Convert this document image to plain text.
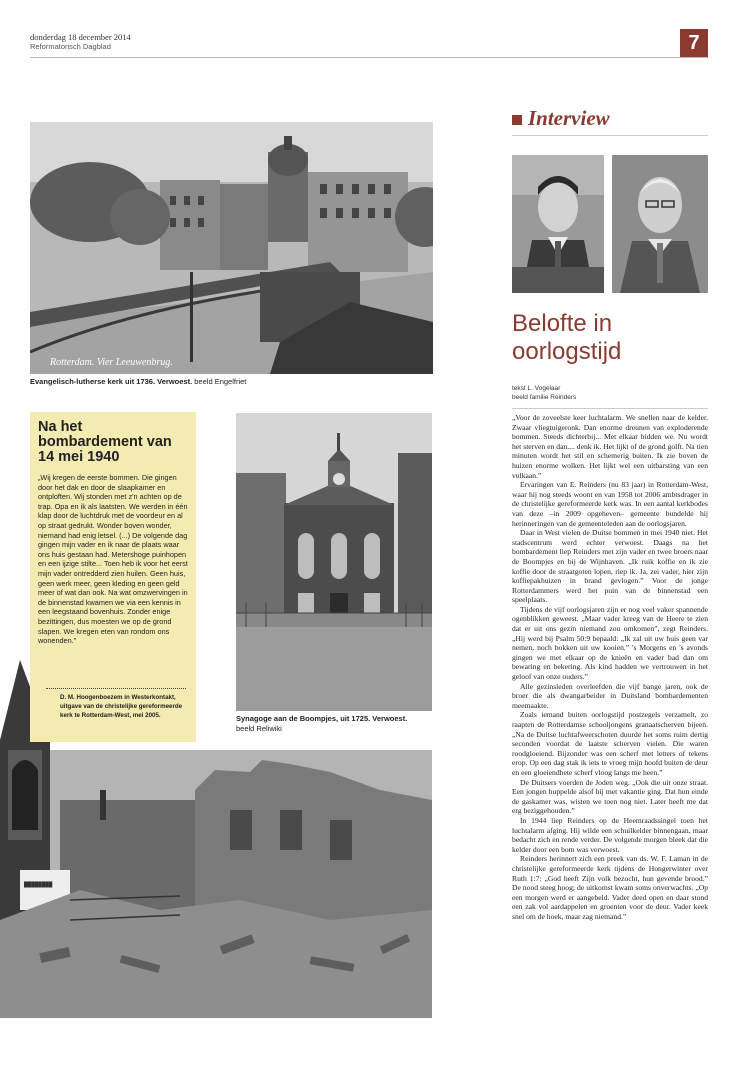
donderdag 18 december 2014
Reformatorisch Dagblad	7
Rotterdam. Vier Leeuwenbrug.
Evangelisch-lutherse kerk uit 1736. Verwoest. beeld Engelfriet
Interview
Belofte in oorlogstijd
tekst L. Vogelaar
beeld familie Reinders

„Voor de zoveelste keer luchtalarm. We snellen naar de kelder. Zwaar vliegtuigeronk. Dan enorme dreunen van exploderende bommen. Steeds dichterbij... Met elkaar bidden we. Nu wordt het sterven en dan.... denk ik. Het lijkt of de grond golft. Na tien minuten wordt het stil en schemerig buiten. Ik zie boven de huizen enorme wolken. Het lijkt wel een uitbarsting van een vulkaan.”

Ervaringen van E. Reinders (nu 83 jaar) in Rotterdam-West, waar hij nog steeds woont en van 1958 tot 2006 ambtsdrager in de christelijke gereformeerde kerk was. In een aantal kerkbodes van deze –in 2009 opgeheven– gemeente bundelde hij herinneringen van de gemeenteleden aan de oorlogsjaren.

Daar in West vielen de Duitse bommen in mei 1940 niet. Het stadscentrum werd echter verwoest. Daags na het bombardement liep Reinders met zijn vader en twee broers naar de Boompjes en bij de Wijnhaven. „Ik ruik koffie en ik zie koffie door de straatgoten lopen, riep ik. Ja, zei vader, hier zijn koffiepakhuizen in brand gevlogen.” Voor de jonge Rotterdammers werd het puin van de binnenstad een speelplaats.

Tijdens de vijf oorlogsjaren zijn er nog veel vaker spannende ogenblikken geweest. „Maar vader kreeg van de Heere te zien dat er uit ons gezin niemand zou omkomen”, zegt Reinders. „Hij werd bij Psalm 50:9 bepaald: „Ik zal uit uw huis geen var nemen, noch bokken uit uw kooien.” 's Morgens en 's avonds gingen we met elkaar op de knieën en vader bad dan om bewaring en bekering. Als kind hadden we vertrouwen in het geloof van onze ouders.”

Alle gezinsleden overleefden die vijf bange jaren, ook de broer die als dwangarbeider in Duitsland bombardementen meemaakte.

Zoals iemand buiten oorlogstijd postzegels verzamelt, zo raapten de Rotterdamse schooljongens granaatscherven bijeen. „Na de Duitse luchtafweerschoten duurde het soms ruim dertig seconden voordat de laatste scherven vielen. Die waren roodgloeiend. Bijzonder was een scherf met letters of tekens erop. Op een dag stak ik iets te vroeg mijn hoofd buiten de deur en een gloeiendhete scherf vloog langs me heen.”

De Duitsers voerden de Joden weg. „Ook die uit onze straat. Een jongen huppelde alsof hij met vakantie ging. Dat hun einde de gaskamer was, wisten we toen nog niet. Later heeft me dat erg beziggehouden.”

In 1944 liep Reinders op de Heemraadssingel toen het luchtalarm afging. Hij wilde een schuilkelder binnengaan, maar bedacht zich en rende verder. De volgende morgen bleek dat die kelder door een bom was verwoest.

Reinders herinnert zich een preek van ds. W. F. Laman in de christelijke gereformeerde kerk tijdens de Hongerwinter over Ruth 1:7: „God heeft Zijn volk bezocht, hun gevende brood.” De nood steeg hoog; de uitkomst kwam soms onverwachts. „Op een morgen werd er aangebeld. Vader deed open en daar stond een zak vol aardappelen en groenten voor de deur. Vader keek snel om de hoek, maar zag niemand.”

Synagoge aan de Boompjes, uit 1725. Verwoest.
beeld Reliwiki
████████
Na het bombardement van 14 mei 1940
„Wij kregen de eerste bommen. Die gingen door het dak en door de slaapkamer en ontploften. Wij stonden met z'n achten op de trap. Opa en ik als laatsten. We werden in één klap door de luchtdruk met de voordeur en al op straat gedrukt. Wonder boven wonder, niemand had enig letsel. (...) De volgende dag gingen mijn vader en ik naar de plaats waar ons huis gestaan had. Metershoge puinhopen en een ijzige stilte... Toen heb ik voor het eerst mijn vader ontredderd zien huilen. Geen huis, geen werk meer, geen kleding en geen geld meer of wat dan ook. Na wat omzwervingen in de binnenstad kwamen we via een kennis in een leegstaand bovenhuis. Zonder enige bezittingen, dus moesten we op de grond slapen. We kregen eten van rondom ons wonenden.”
D. M. Hoogenboezem in Westerkontakt, uitgave van de christelijke gereformeerde kerk te Rotterdam-West, mei 2005.
